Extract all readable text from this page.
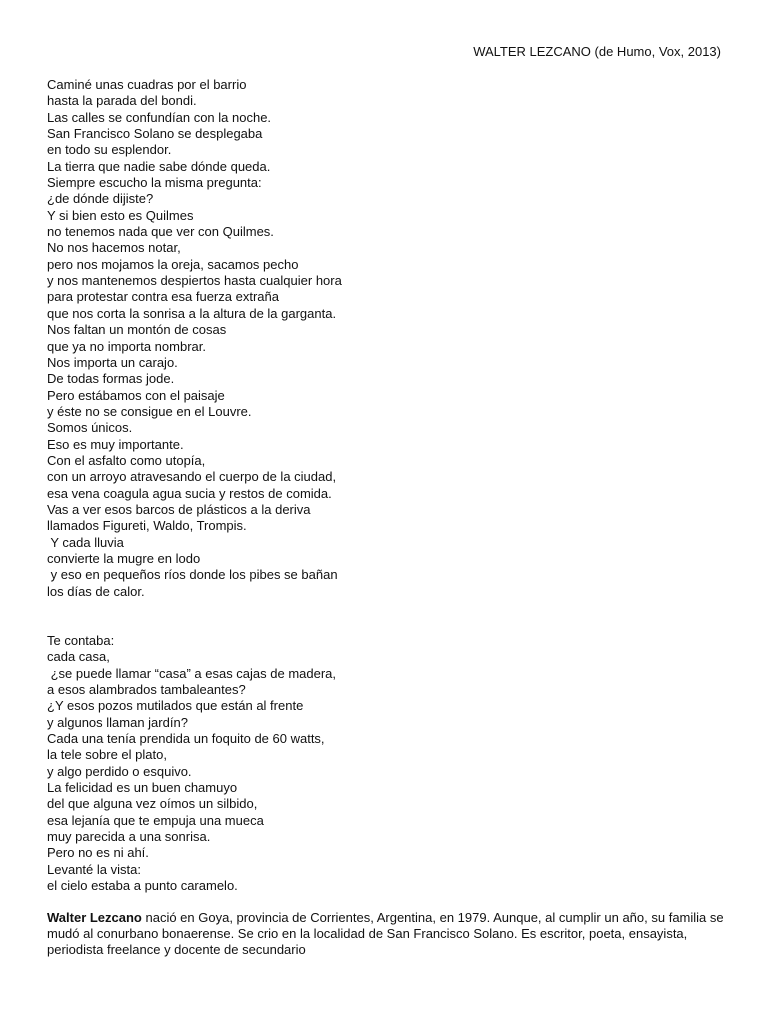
WALTER LEZCANO (de Humo, Vox, 2013)
Caminé unas cuadras por el barrio
hasta la parada del bondi.
Las calles se confundían con la noche.
San Francisco Solano se desplegaba
en todo su esplendor.
La tierra que nadie sabe dónde queda.
Siempre escucho la misma pregunta:
¿de dónde dijiste?
Y si bien esto es Quilmes
no tenemos nada que ver con Quilmes.
No nos hacemos notar,
pero nos mojamos la oreja, sacamos pecho
y nos mantenemos despiertos hasta cualquier hora
para protestar contra esa fuerza extraña
que nos corta la sonrisa a la altura de la garganta.
Nos faltan un montón de cosas
que ya no importa nombrar.
Nos importa un carajo.
De todas formas jode.
Pero estábamos con el paisaje
y éste no se consigue en el Louvre.
Somos únicos.
Eso es muy importante.
Con el asfalto como utopía,
con un arroyo atravesando el cuerpo de la ciudad,
esa vena coagula agua sucia y restos de comida.
Vas a ver esos barcos de plásticos a la deriva
llamados Figureti, Waldo, Trompis.
Y cada lluvia
convierte la mugre en lodo
y eso en pequeños ríos donde los pibes se bañan
los días de calor.
Te contaba:
cada casa,
¿se puede llamar “casa” a esas cajas de madera,
a esos alambrados tambaleantes?
¿Y esos pozos mutilados que están al frente
y algunos llaman jardín?
Cada una tenía prendida un foquito de 60 watts,
la tele sobre el plato,
y algo perdido o esquivo.
La felicidad es un buen chamuyo
del que alguna vez oímos un silbido,
esa lejanía que te empuja una mueca
muy parecida a una sonrisa.
Pero no es ni ahí.
Levanté la vista:
el cielo estaba a punto caramelo.
Walter Lezcano nació en Goya, provincia de Corrientes, Argentina, en 1979. Aunque, al cumplir un año, su familia se mudó al conurbano bonaerense. Se crio en la localidad de San Francisco Solano. Es escritor, poeta, ensayista, periodista freelance y docente de secundario
